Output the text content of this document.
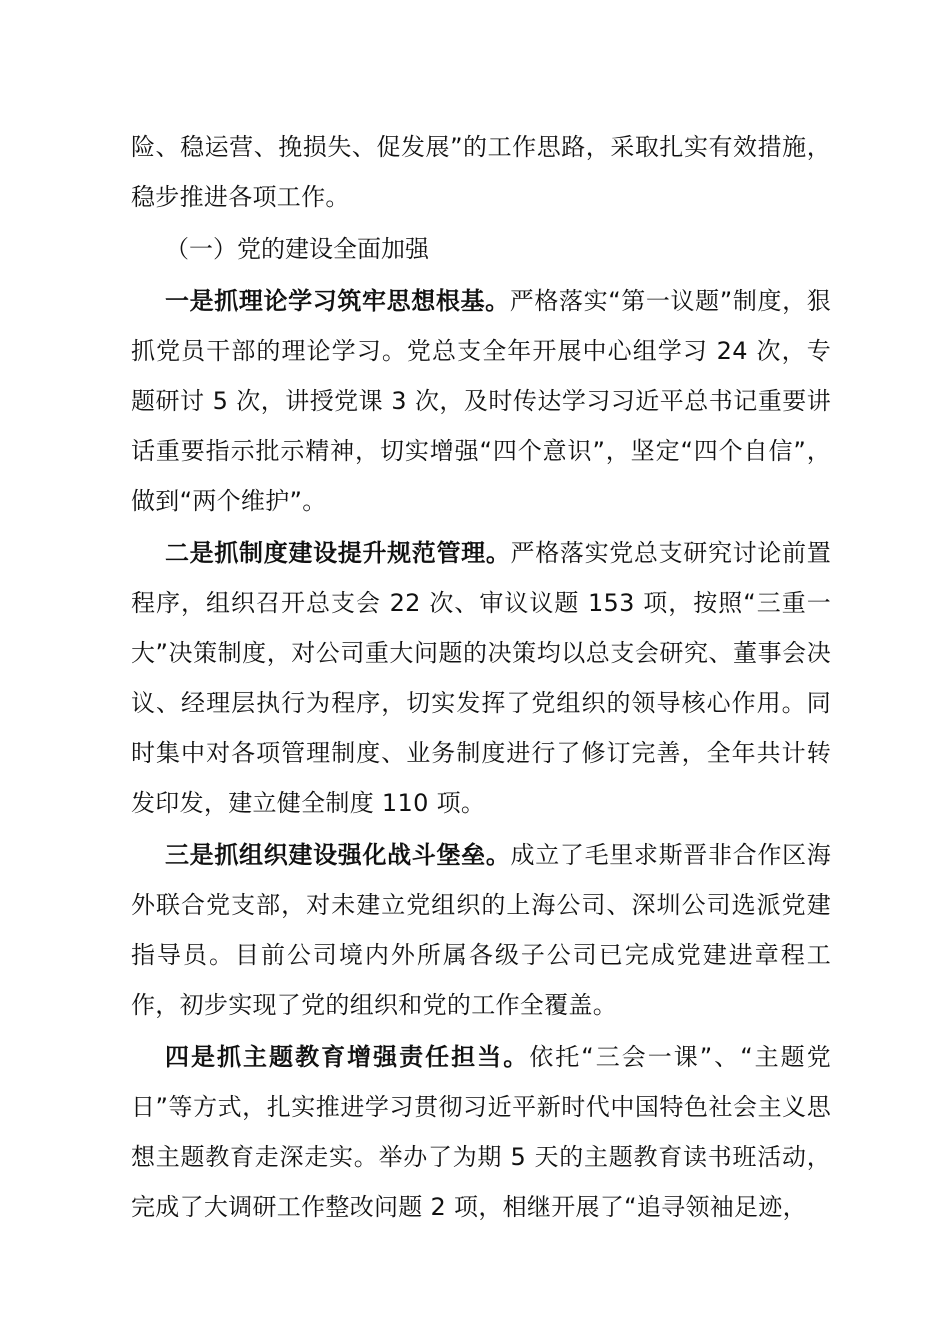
险、稳运营、挽损失、促发展”的工作思路，采取扎实有效措施，稳步推进各项工作。

（一）党的建设全面加强

一是抓理论学习筑牢思想根基。严格落实“第一议题”制度，狠抓党员干部的理论学习。党总支全年开展中心组学习 24 次，专题研讨 5 次，讲授党课 3 次，及时传达学习习近平总书记重要讲话重要指示批示精神，切实增强“四个意识”，坚定“四个自信”，做到“两个维护”。

二是抓制度建设提升规范管理。严格落实党总支研究讨论前置程序，组织召开总支会 22 次、审议议题 153 项，按照“三重一大”决策制度，对公司重大问题的决策均以总支会研究、董事会决议、经理层执行为程序，切实发挥了党组织的领导核心作用。同时集中对各项管理制度、业务制度进行了修订完善，全年共计转发印发，建立健全制度 110 项。

三是抓组织建设强化战斗堡垒。成立了毛里求斯晋非合作区海外联合党支部，对未建立党组织的上海公司、深圳公司选派党建指导员。目前公司境内外所属各级子公司已完成党建进章程工作，初步实现了党的组织和党的工作全覆盖。

四是抓主题教育增强责任担当。依托“三会一课”、“主题党日”等方式，扎实推进学习贯彻习近平新时代中国特色社会主义思想主题教育走深走实。举办了为期 5 天的主题教育读书班活动，完成了大调研工作整改问题 2 项，相继开展了“追寻领袖足迹，
